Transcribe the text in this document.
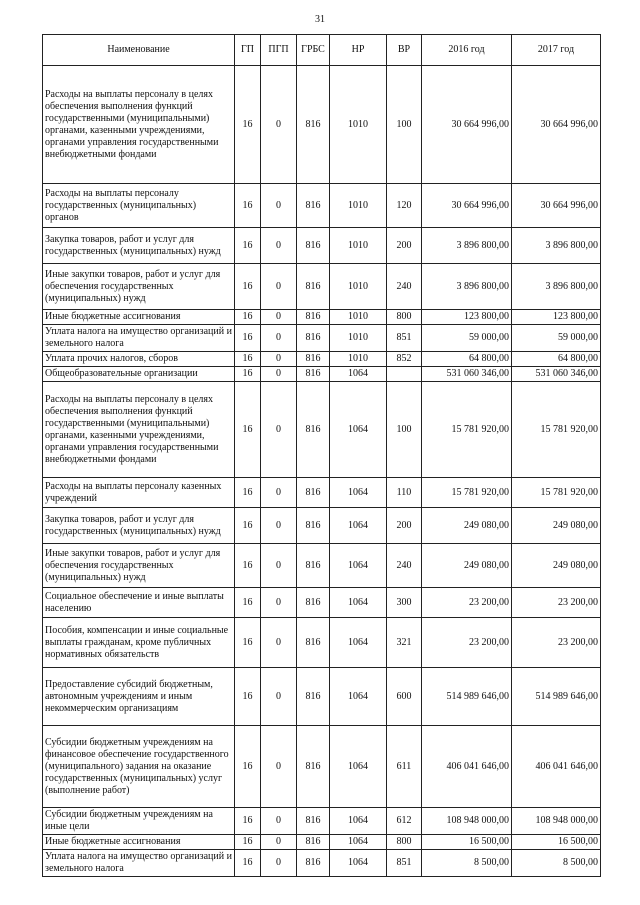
31
Наименование	ГП	ПГП	ГРБС	НР	ВР	2016 год	2017 год
Расходы на выплаты персоналу в целях обеспечения выполнения функций государственными (муниципальными) органами, казенными учреждениями, органами управления государственными внебюджетными фондами	16	0	816	1010	100	30 664 996,00	30 664 996,00
Расходы на выплаты персоналу государственных (муниципальных) органов	16	0	816	1010	120	30 664 996,00	30 664 996,00
Закупка товаров, работ и услуг для государственных (муниципальных) нужд	16	0	816	1010	200	3 896 800,00	3 896 800,00
Иные закупки товаров, работ и услуг для обеспечения государственных (муниципальных) нужд	16	0	816	1010	240	3 896 800,00	3 896 800,00
Иные бюджетные ассигнования	16	0	816	1010	800	123 800,00	123 800,00
Уплата налога на имущество организаций и земельного налога	16	0	816	1010	851	59 000,00	59 000,00
Уплата прочих налогов, сборов	16	0	816	1010	852	64 800,00	64 800,00
Общеобразовательные организации	16	0	816	1064		531 060 346,00	531 060 346,00
Расходы на выплаты персоналу в целях обеспечения выполнения функций государственными (муниципальными) органами, казенными учреждениями, органами управления государственными внебюджетными фондами	16	0	816	1064	100	15 781 920,00	15 781 920,00
Расходы на выплаты персоналу казенных учреждений	16	0	816	1064	110	15 781 920,00	15 781 920,00
Закупка товаров, работ и услуг для государственных (муниципальных) нужд	16	0	816	1064	200	249 080,00	249 080,00
Иные закупки товаров, работ и услуг для обеспечения государственных (муниципальных) нужд	16	0	816	1064	240	249 080,00	249 080,00
Социальное обеспечение и иные выплаты населению	16	0	816	1064	300	23 200,00	23 200,00
Пособия, компенсации и иные социальные выплаты гражданам, кроме публичных нормативных обязательств	16	0	816	1064	321	23 200,00	23 200,00
Предоставление субсидий бюджетным, автономным учреждениям и иным некоммерческим организациям	16	0	816	1064	600	514 989 646,00	514 989 646,00
Субсидии бюджетным учреждениям на финансовое обеспечение государственного (муниципального) задания на оказание государственных (муниципальных) услуг (выполнение работ)	16	0	816	1064	611	406 041 646,00	406 041 646,00
Субсидии бюджетным учреждениям на иные цели	16	0	816	1064	612	108 948 000,00	108 948 000,00
Иные бюджетные ассигнования	16	0	816	1064	800	16 500,00	16 500,00
Уплата налога на имущество организаций и земельного налога	16	0	816	1064	851	8 500,00	8 500,00
